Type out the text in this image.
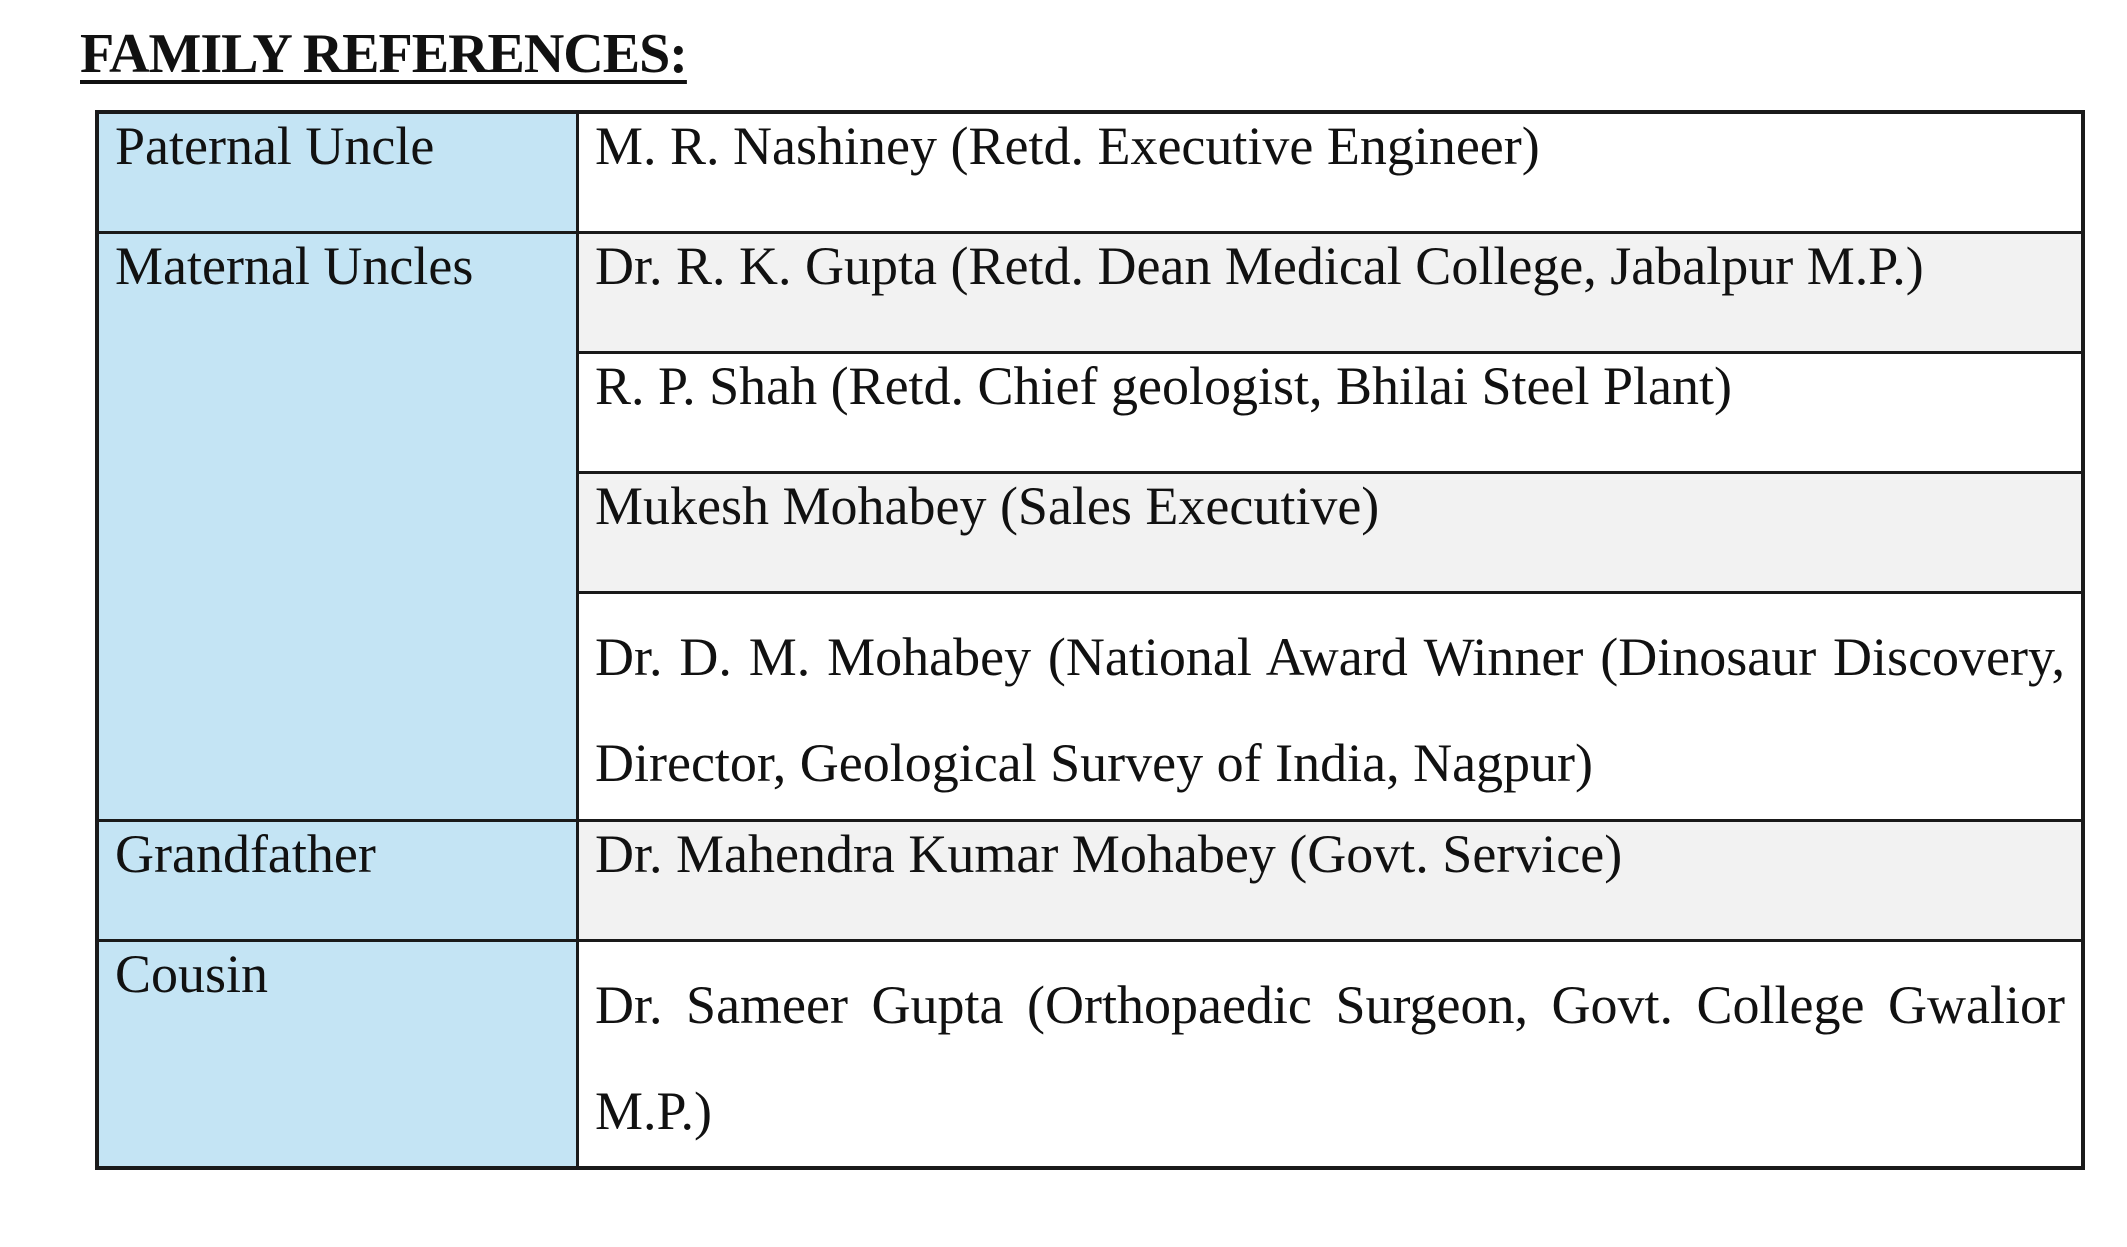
FAMILY REFERENCES:
Paternal Uncle	M. R. Nashiney (Retd. Executive Engineer)
Maternal Uncles	Dr. R. K. Gupta (Retd. Dean Medical College, Jabalpur M.P.)
	R. P. Shah (Retd. Chief geologist, Bhilai Steel Plant)
	Mukesh Mohabey (Sales Executive)

	Dr. D. M. Mohabey (National Award Winner (Dinosaur Discovery, Director, Geological Survey of India, Nagpur)

Grandfather	Dr. Mahendra Kumar Mohabey (Govt. Service)
Cousin	Dr. Sameer Gupta (Orthopaedic Surgeon, Govt. College Gwalior M.P.)
